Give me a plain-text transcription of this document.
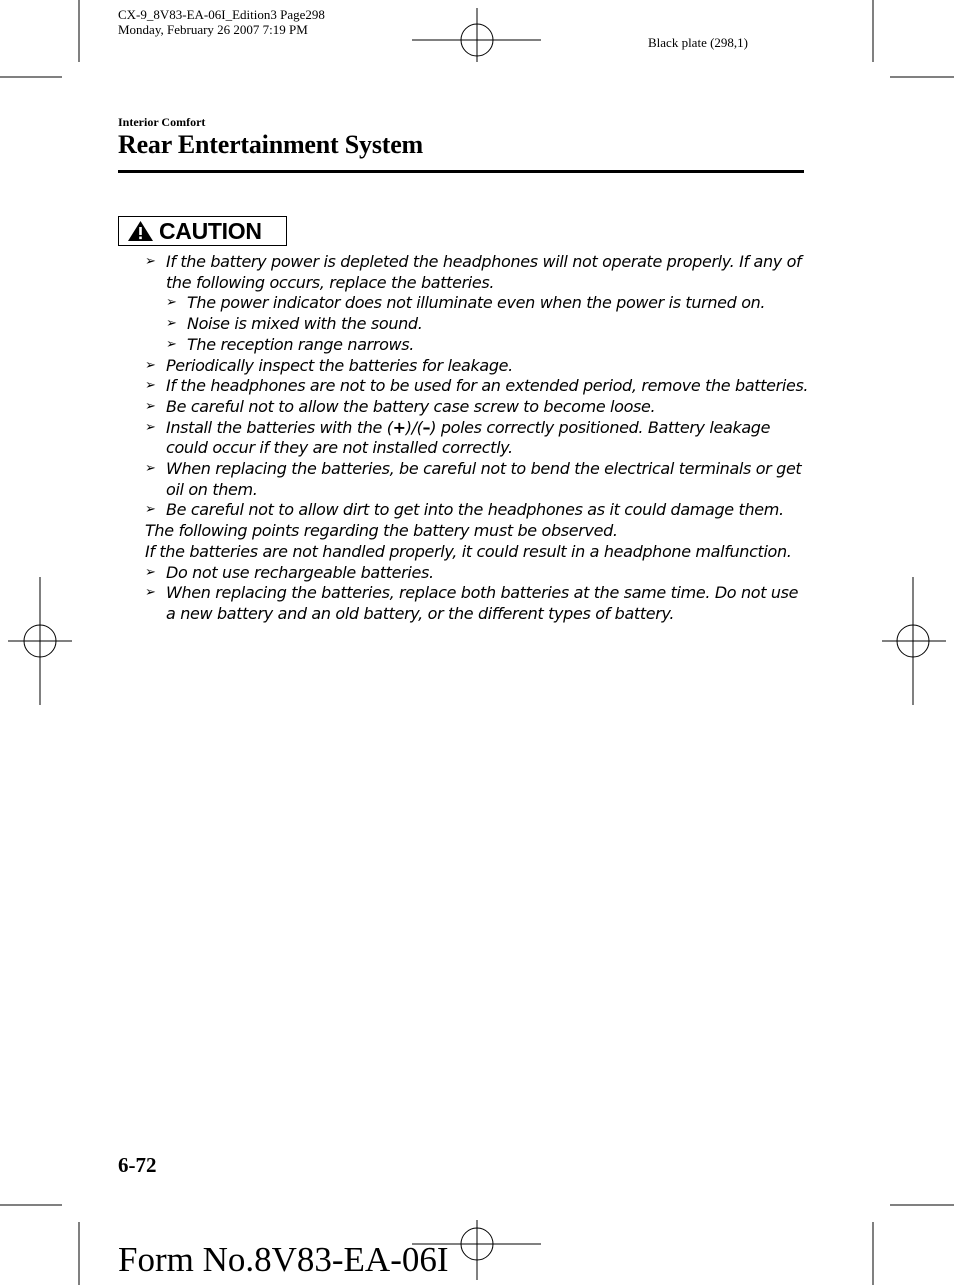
CX-9_8V83-EA-06I_Edition3 Page298
Monday, February 26 2007 7:19 PM
Black plate (298,1)
Interior Comfort
Rear Entertainment System
CAUTION
➢ If the battery power is depleted the headphones will not operate properly. If any of
the following occurs, replace the batteries.
➢ The power indicator does not illuminate even when the power is turned on.
➢ Noise is mixed with the sound.
➢ The reception range narrows.
➢ Periodically inspect the batteries for leakage.
➢ If the headphones are not to be used for an extended period, remove the batteries.
➢ Be careful not to allow the battery case screw to become loose.
➢ Install the batteries with the (+)/(–) poles correctly positioned. Battery leakage
could occur if they are not installed correctly.
➢ When replacing the batteries, be careful not to bend the electrical terminals or get
oil on them.
➢ Be careful not to allow dirt to get into the headphones as it could damage them.
The following points regarding the battery must be observed.
If the batteries are not handled properly, it could result in a headphone malfunction.
➢ Do not use rechargeable batteries.
➢ When replacing the batteries, replace both batteries at the same time. Do not use
a new battery and an old battery, or the different types of battery.
6-72
Form No.8V83-EA-06I
